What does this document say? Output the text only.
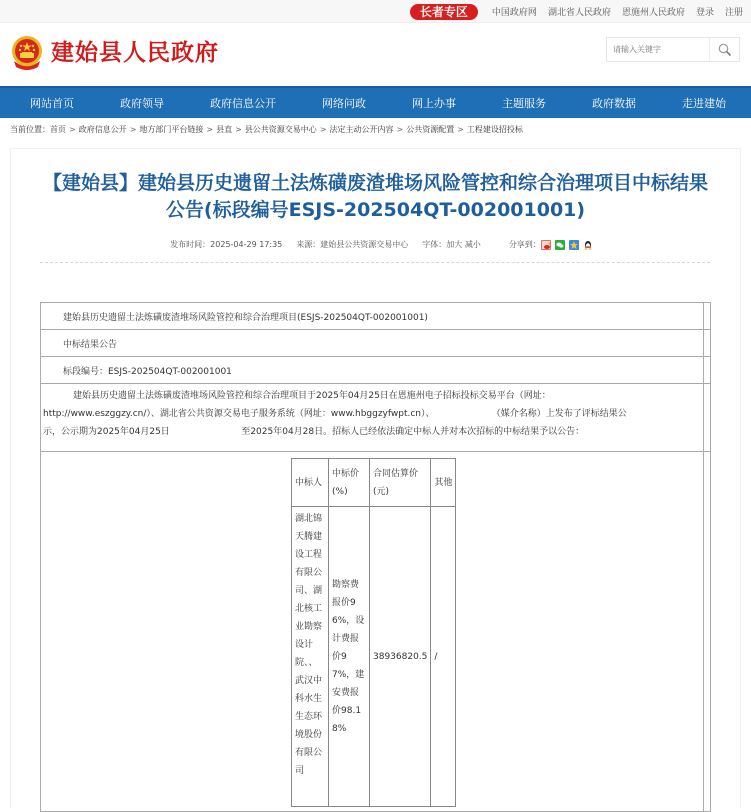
长者专区	中国政府网 湖北省人民政府 恩施州人民政府 登录 注册
建始县人民政府
请输入关键字
网站首页	政府领导	政府信息公开	网络问政	网上办事	主题服务	政府数据	走进建始
当前位置：首页 > 政府信息公开 > 地方部门平台链接 > 县直 > 县公共资源交易中心 > 法定主动公开内容 > 公共资源配置 > 工程建设招投标
【建始县】建始县历史遗留土法炼磺废渣堆场风险管控和综合治理项目中标结果公告(标段编号ESJS-202504QT-002001001)
发布时间：2025-04-29 17:35 来源：建始县公共资源交易中心 字体：加大 减小	分享到：
建始县历史遗留土法炼磺废渣堆场风险管控和综合治理项目(ESJS-202504QT-002001001)	
中标结果公告	
标段编号：ESJS-202504QT-002001001	

建始县历史遗留土法炼磺废渣堆场风险管控和综合治理项目于2025年04月25日在恩施州电子招标投标交易平台（网址：
http://www.eszggzy.cn/）、湖北省公共资源交易电子服务系统（网址：www.hbggzyfwpt.cn）、                    （媒介名称）上发布了评标结果公
示，公示期为2025年04月25日                         至2025年04月28日。招标人已经依法确定中标人并对本次招标的中标结果予以公告：

中标人	中标价(%)	合同估算价(元)	其他
湖北锦天腾建设工程有限公司、湖北核工业勘察设计院、、武汉中科水生生态环境股份有限公司	勘察费报价96%，设计费报价97%，建安费报价98.18%	38936820.5	/
